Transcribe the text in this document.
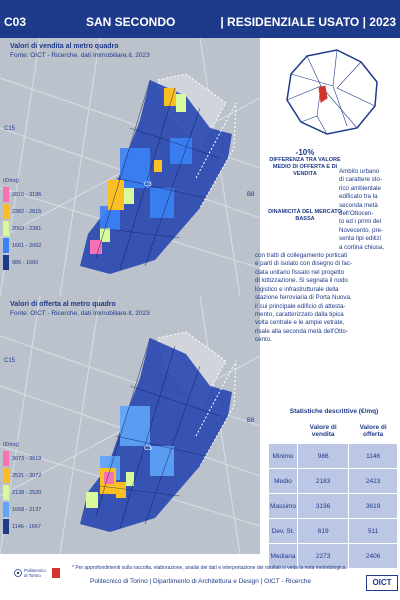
C03	SAN SECONDO	| RESIDENZIALE USATO | 2023
Valori di vendita al metro quadro
Fonte: OICT - Ricerche, dati Immobiliare.it, 2023
C15
B8
C3
(€/mq)
2816 - 3196
2382 - 2815
2063 - 2381
1661 - 2062
986 - 1660
Valori di offerta al metro quadro
Fonte: OICT - Ricerche, dati Immobiliare.it, 2023
C15
B8
C3
(€/mq)
3073 - 3619
2521 - 3072
2138 - 2520
1668 - 2137
1146 - 1667
-10%
DIFFERENZA TRA VALORE MEDIO DI OFFERTA E DI VENDITA
DINAMICITÀ DEL MERCATO BASSA
Ambito urbano
di carattere sto-
rico ambientale
edificato tra la
seconda metà
dell'Ottocen-
to ed i primi del
Novecento, pre-
senta tipi edilizi
a cortina chiusa,
con tratti di collegamento porticati
e parti di isolato con disegno di fac-
ciata unitario fissato nel progetto
di lottizzazione. Si segnala il nodo
logistico e infrastrutturale della
stazione ferroviaria di Porta Nuova,
il cui principale edificio di attesta-
mento, caratterizzato dalla tipica
volta centrale e le ampie vetrate,
risale alla seconda metà dell'Otto-
cento.
Statistiche descrittive (€/mq)
	Valore di vendita	Valore di offerta
Minimo	986	1146
Medio	2183	2423
Massimo	3196	3619
Dev. St.	619	511
Mediana	2273	2406
* Per approfondimenti sulla raccolta, elaborazione, analisi dei dati e interpretazione dei risultati si veda la nota metodologica.
Politecnico di Torino
Politecnico di Torino | Dipartimento di Architettura e Design | OICT - Ricerche	OICT
